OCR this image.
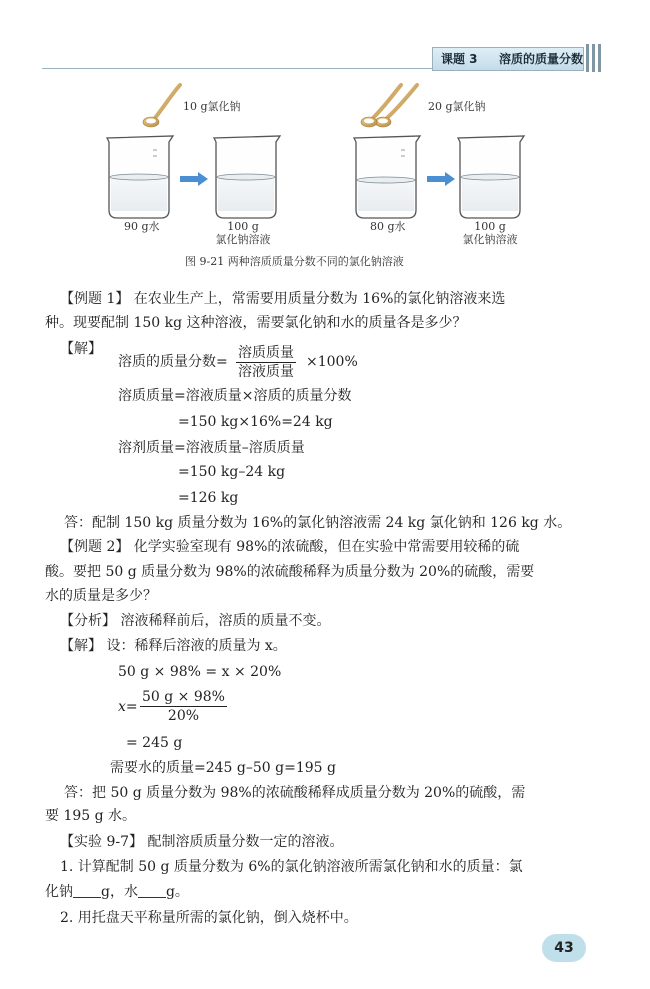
课题 3 溶质的质量分数
10 g氯化钠	20 g氯化钠
90 g水	80 g水
100 g
氯化钠溶液
100 g
氯化钠溶液
图 9-21 两种溶质质量分数不同的氯化钠溶液
【例题 1】 在农业生产上，常需要用质量分数为 16%的氯化钠溶液来选
种。现要配制 150 kg 这种溶液，需要氯化钠和水的质量各是多少？
【解】
溶质的质量分数=
溶质质量
溶液质量
×100%
溶质质量=溶液质量×溶质的质量分数
=150 kg×16%=24 kg
溶剂质量=溶液质量–溶质质量
=150 kg–24 kg
=126 kg
答：配制 150 kg 质量分数为 16%的氯化钠溶液需 24 kg 氯化钠和 126 kg 水。
【例题 2】 化学实验室现有 98%的浓硫酸，但在实验中常需要用较稀的硫
酸。要把 50 g 质量分数为 98%的浓硫酸稀释为质量分数为 20%的硫酸，需要
水的质量是多少？
【分析】 溶液稀释前后，溶质的质量不变。
【解】 设：稀释后溶液的质量为 x。
50 g × 98% = x × 20%
$x= \frac{50 g \times 98\%}{20\%}$
= 245 g
需要水的质量=245 g–50 g=195 g
答：把 50 g 质量分数为 98%的浓硫酸稀释成质量分数为 20%的硫酸，需
要 195 g 水。
【实验 9-7】 配制溶质质量分数一定的溶液。
1. 计算配制 50 g 质量分数为 6%的氯化钠溶液所需氯化钠和水的质量：氯
化钠 g，水 g。
2. 用托盘天平称量所需的氯化钠，倒入烧杯中。
43
